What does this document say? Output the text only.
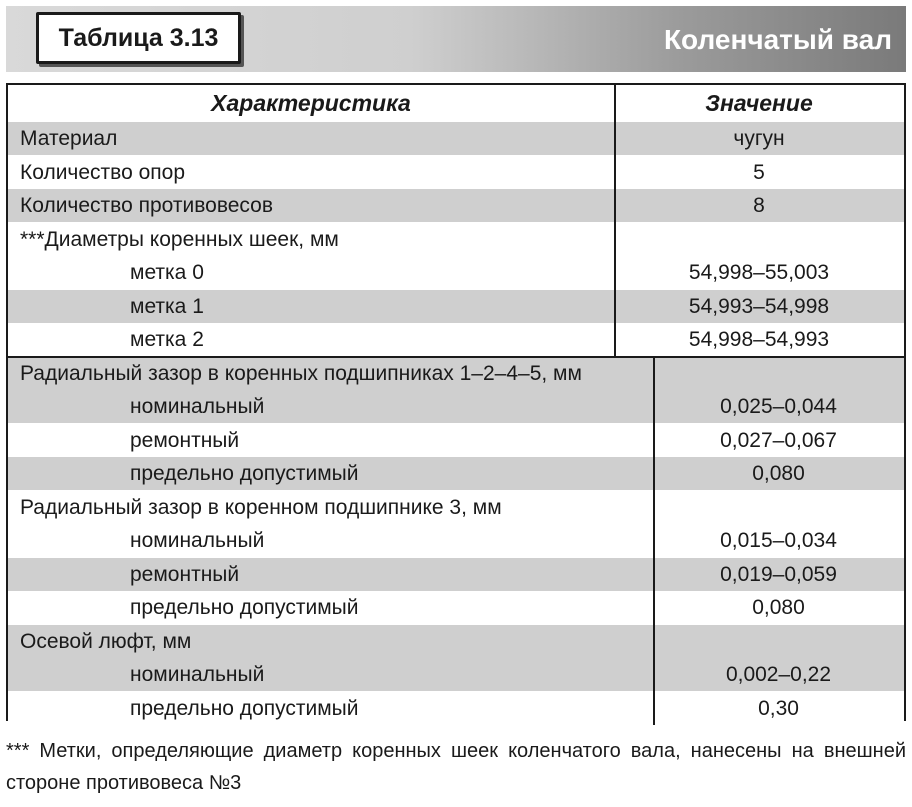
Таблица 3.13	Коленчатый вал
Характеристика	Значение
Материал	чугун
Количество опор	5
Количество противовесов	8
***Диаметры коренных шеек, мм
метка 0	54,998–55,003
метка 1	54,993–54,998
метка 2	54,998–54,993
Радиальный зазор в коренных подшипниках 1–2–4–5, мм
номинальный	0,025–0,044
ремонтный	0,027–0,067
предельно допустимый	0,080
Радиальный зазор в коренном подшипнике 3, мм
номинальный	0,015–0,034
ремонтный	0,019–0,059
предельно допустимый	0,080
Осевой люфт, мм
номинальный	0,002–0,22
предельно допустимый	0,30
*** Метки, определяющие диаметр коренных шеек коленчатого вала, нанесены на внешней стороне противовеса №3
